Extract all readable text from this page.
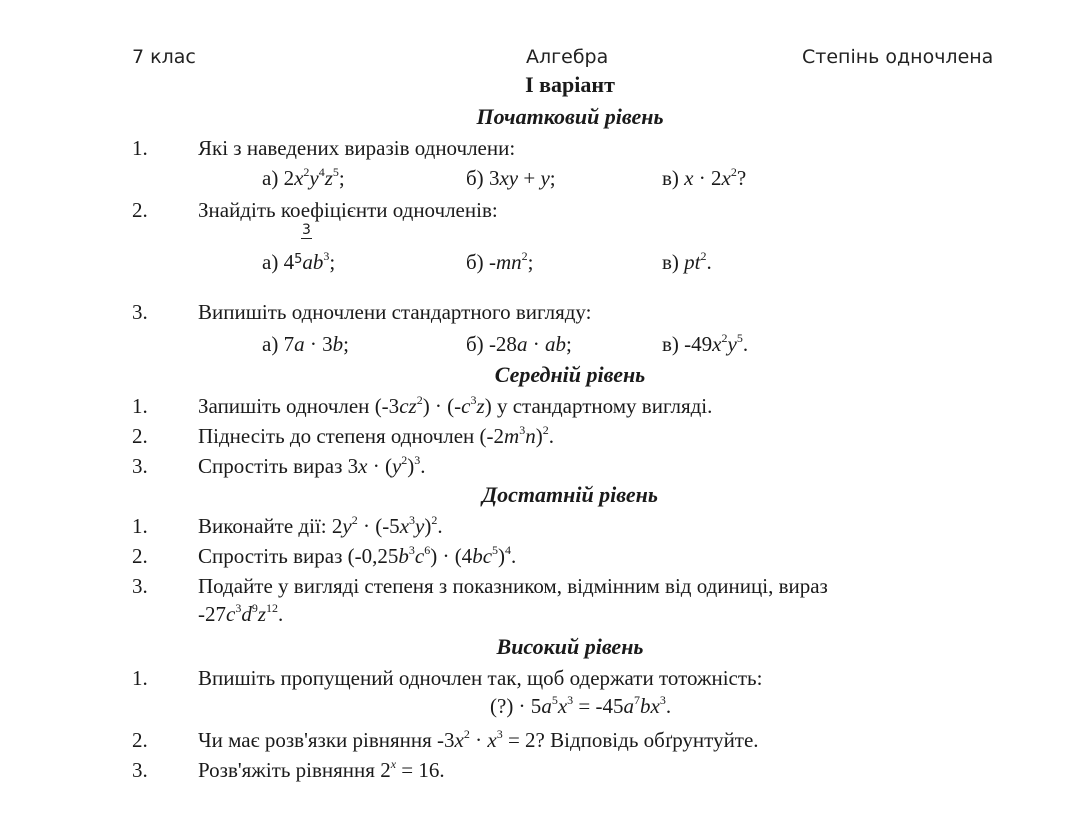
7 клас	Алгебра	Степінь одночлена
I варіант
Початковий рівень
1. Які з наведених виразів одночлени:
а) $2x^2y^4z^5$;	б) 3xy + y;	в) $x \cdot 2x^2$?
2. Знайдіть коефіцієнти одночленів:
3
а) $4^5ab^3$;	б) $-mn^2$;	в) $pt^2$.
3. Випишіть одночлени стандартного вигляду:
а) 7a · 3b;	б) -28a · ab;	в) $-49x^2y^5$.
Середній рівень
1. Запишіть одночлен $(-3cz^2) \cdot (-c^3z)$ у стандартному вигляді.
2. Піднесіть до степеня одночлен $(-2m^3n)^2$.
3. Спростіть вираз $3x \cdot (y^2)^3$.
Достатній рівень
1. Виконайте дії: $2y^2 \cdot (-5x^3y)^2$.
2. Спростіть вираз $(-0,25b^3c^6) \cdot (4bc^5)^4$.
3. Подайте у вигляді степеня з показником, відмінним від одиниці, вираз
$-27c^3d^9z^{12}$.
Високий рівень
1. Впишіть пропущений одночлен так, щоб одержати тотожність:
(?) · $5a^5x^3 = -45a^7bx^3$.
2. Чи має розв'язки рівняння $-3x^2 \cdot x^3 = 2$? Відповідь обґрунтуйте.
3. Розв'яжіть рівняння $2^x = 16$.
